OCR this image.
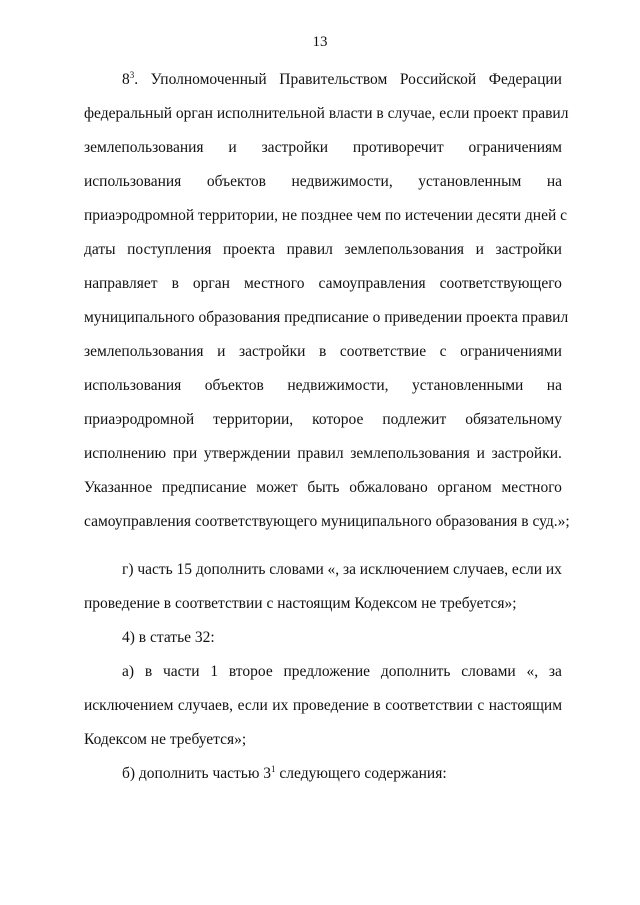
13
$8^3$. Уполномоченный Правительством Российской Федерации
федеральный орган исполнительной власти в случае, если проект правил
землепользования и застройки противоречит ограничениям
использования объектов недвижимости, установленным на
приаэродромной территории, не позднее чем по истечении десяти дней с
даты поступления проекта правил землепользования и застройки
направляет в орган местного самоуправления соответствующего
муниципального образования предписание о приведении проекта правил
землепользования и застройки в соответствие с ограничениями
использования объектов недвижимости, установленными на
приаэродромной территории, которое подлежит обязательному
исполнению при утверждении правил землепользования и застройки.
Указанное предписание может быть обжаловано органом местного
самоуправления соответствующего муниципального образования в суд.»;
г) часть 15 дополнить словами «, за исключением случаев, если их
проведение в соответствии с настоящим Кодексом не требуется»;
4) в статье 32:
а) в части 1 второе предложение дополнить словами «, за
исключением случаев, если их проведение в соответствии с настоящим
Кодексом не требуется»;
б) дополнить частью $3^1$ следующего содержания:
